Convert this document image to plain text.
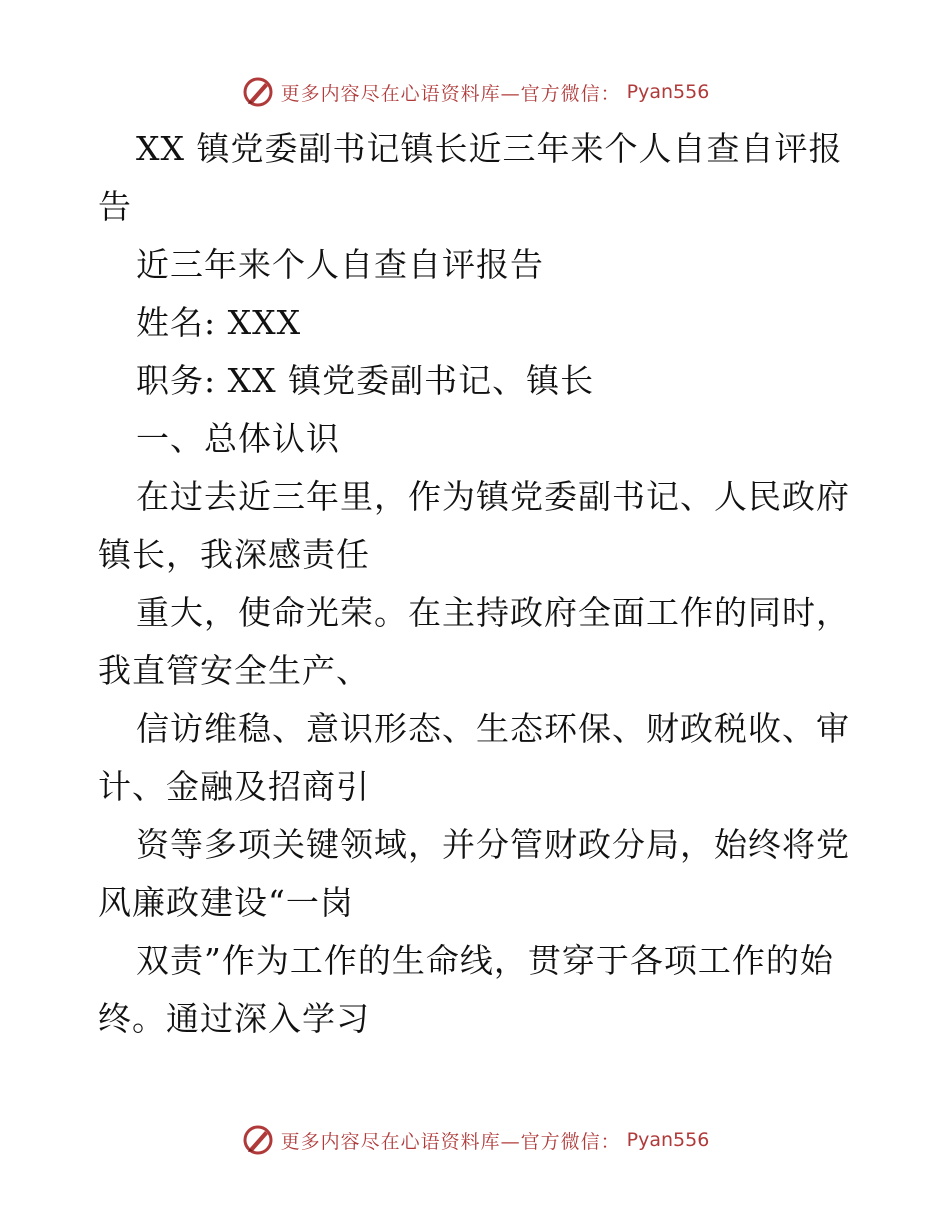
更多内容尽在心语资料库—官方微信： Pyan556
XX 镇党委副书记镇长近三年来个人自查自评报
告
近三年来个人自查自评报告
姓名: XXX
职务: XX 镇党委副书记、镇长
一、总体认识
在过去近三年里，作为镇党委副书记、人民政府
镇长，我深感责任
重大，使命光荣。在主持政府全面工作的同时，
我直管安全生产、
信访维稳、意识形态、生态环保、财政税收、审
计、金融及招商引
资等多项关键领域，并分管财政分局，始终将党
风廉政建设“一岗
双责”作为工作的生命线，贯穿于各项工作的始
终。通过深入学习
更多内容尽在心语资料库—官方微信： Pyan556
